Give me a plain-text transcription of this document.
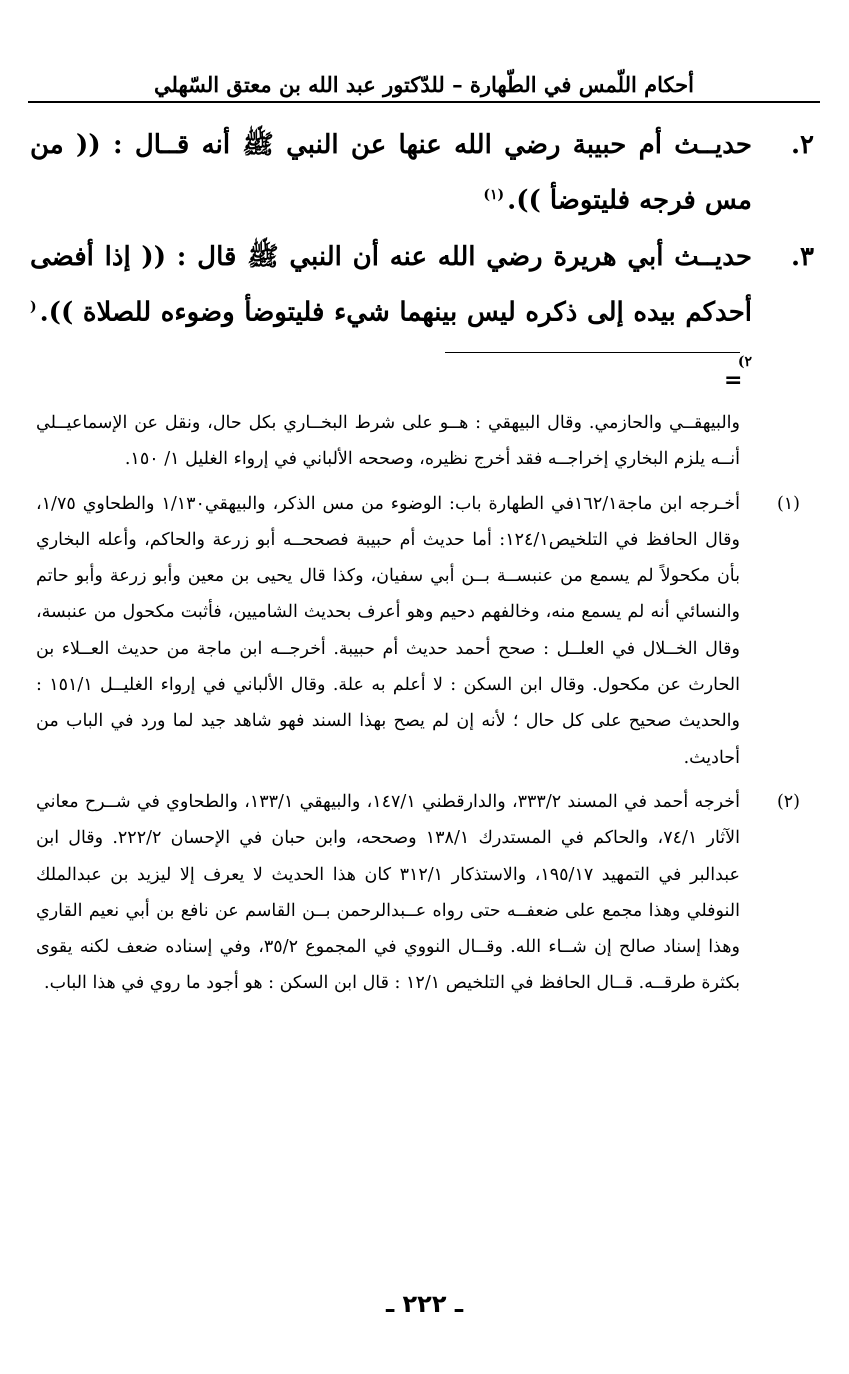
أحكام اللّمس في الطّهارة – للدّكتور عبد الله بن معتق السّهلي
٢.
حديــث أم حبيبة رضي الله عنها عن النبي ﷺ أنه قــال : (( من مس فرجه فليتوضأ )).$^{(١)}$
٣.
حديــث أبي هريرة رضي الله عنه أن النبي ﷺ قال : (( إذا أفضى أحدكم بيده إلى ذكره ليس بينهما شيء فليتوضأ وضوءه للصلاة )).$^{( ٢)}$
=
والبيهقــي والحازمي. وقال البيهقي : هــو على شرط البخــاري بكل حال، ونقل عن الإسماعيــلي أنــه يلزم البخاري إخراجــه فقد أخرج نظيره، وصححه الألباني في إرواء الغليل ١/ ١٥٠.
(١)
أخـرجه ابن ماجة١٦٢/١في الطهارة باب: الوضوء من مس الذكر، والبيهقي١/١٣٠ والطحاوي ١/٧٥، وقال الحافظ في التلخيص١٢٤/١: أما حديث أم حبيبة فصححــه أبو زرعة والحاكم، وأعله البخاري بأن مكحولاً لم يسمع من عنبســة بــن أبي سفيان، وكذا قال يحيى بن معين وأبو زرعة وأبو حاتم والنسائي أنه لم يسمع منه، وخالفهم دحيم وهو أعرف بحديث الشاميين، فأثبت مكحول من عنبسة، وقال الخــلال في العلــل : صحح أحمد حديث أم حبيبة. أخرجــه ابن ماجة من حديث العــلاء بن الحارث عن مكحول. وقال ابن السكن : لا أعلم به علة. وقال الألباني في إرواء الغليــل ١٥١/١ : والحديث صحيح على كل حال ؛ لأنه إن لم يصح بهذا السند فهو شاهد جيد لما ورد في الباب من أحاديث.
(٢)
أخرجه أحمد في المسند ٣٣٣/٢، والدارقطني ١٤٧/١، والبيهقي ١٣٣/١، والطحاوي في شــرح معاني الآثار ٧٤/١، والحاكم في المستدرك ١٣٨/١ وصححه، وابن حبان في الإحسان ٢٢٢/٢. وقال ابن عبدالبر في التمهيد ١٩٥/١٧، والاستذكار ٣١٢/١ كان هذا الحديث لا يعرف إلا ليزيد بن عبدالملك النوفلي وهذا مجمع على ضعفــه حتى رواه عــبدالرحمن بــن القاسم عن نافع بن أبي نعيم القاري وهذا إسناد صالح إن شــاء الله. وقــال النووي في المجموع ٣٥/٢، وفي إسناده ضعف لكنه يقوى بكثرة طرقــه. قــال الحافظ في التلخيص ١٢/١ : قال ابن السكن : هو أجود ما روي في هذا الباب.
ـ ٢٢٢ ـ
